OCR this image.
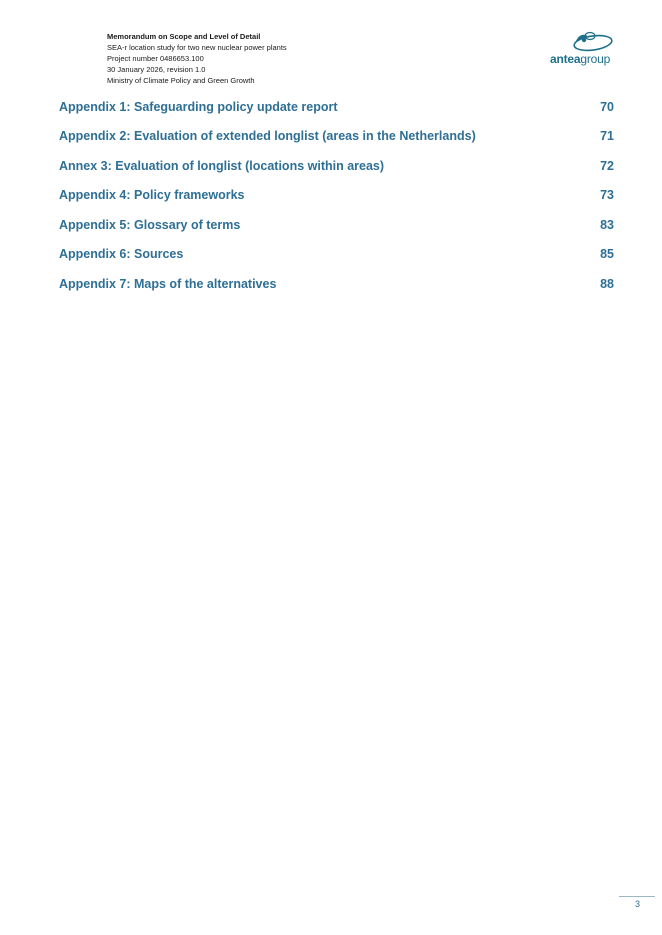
Memorandum on Scope and Level of Detail
SEA-r location study for two new nuclear power plants
Project number 0486653.100
30 January 2026, revision 1.0
Ministry of Climate Policy and Green Growth
anteagroup
Appendix 1: Safeguarding policy update report	70
Appendix 2: Evaluation of extended longlist (areas in the Netherlands)	71
Annex 3: Evaluation of longlist (locations within areas)	72
Appendix 4: Policy frameworks	73
Appendix 5: Glossary of terms	83
Appendix 6: Sources	85
Appendix 7: Maps of the alternatives	88
3
